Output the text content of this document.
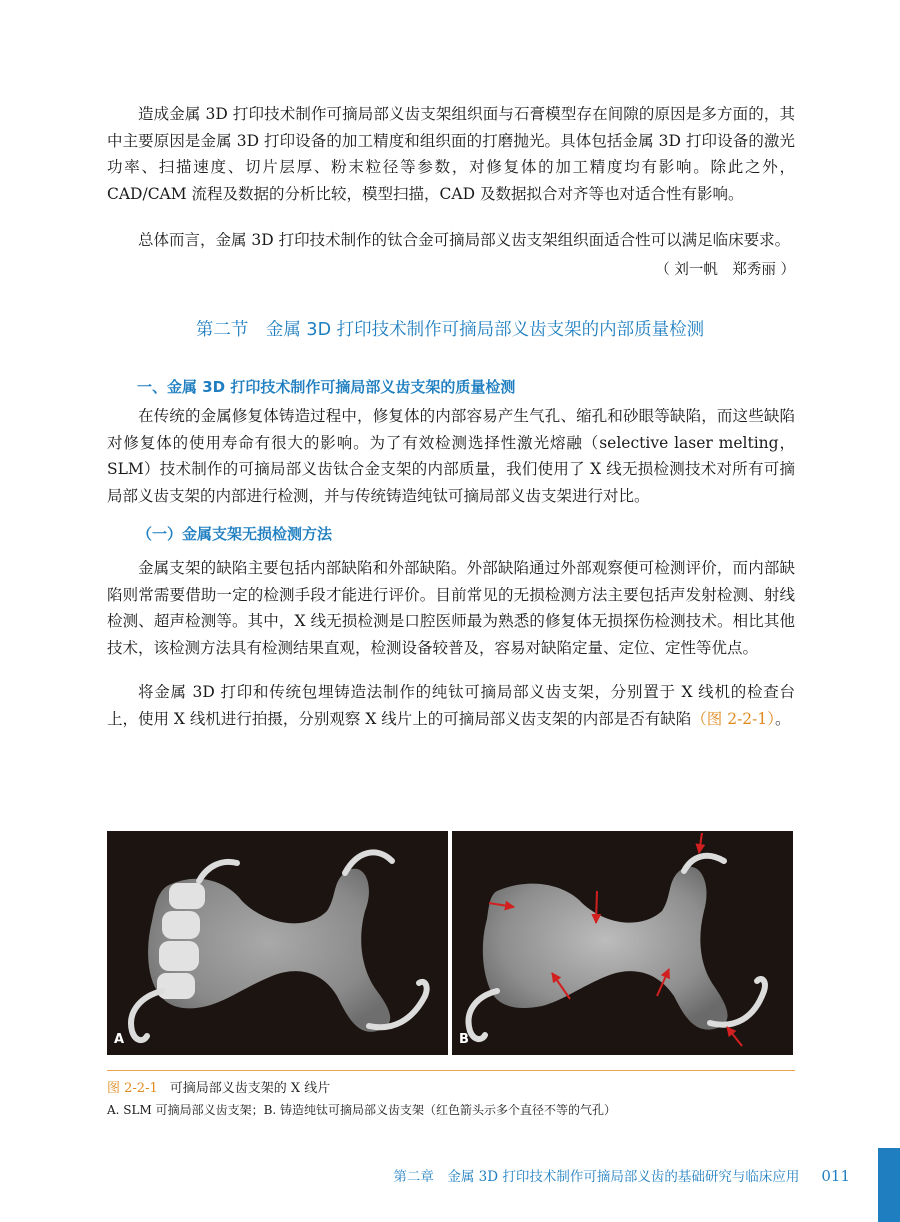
造成金属 3D 打印技术制作可摘局部义齿支架组织面与石膏模型存在间隙的原因是多方面的，其中主要原因是金属 3D 打印设备的加工精度和组织面的打磨抛光。具体包括金属 3D 打印设备的激光功率、扫描速度、切片层厚、粉末粒径等参数，对修复体的加工精度均有影响。除此之外，CAD/CAM 流程及数据的分析比较，模型扫描，CAD 及数据拟合对齐等也对适合性有影响。

总体而言，金属 3D 打印技术制作的钛合金可摘局部义齿支架组织面适合性可以满足临床要求。

（ 刘一帆　郑秀丽 ）

第二节　金属 3D 打印技术制作可摘局部义齿支架的内部质量检测
一、金属 3D 打印技术制作可摘局部义齿支架的质量检测

在传统的金属修复体铸造过程中，修复体的内部容易产生气孔、缩孔和砂眼等缺陷，而这些缺陷对修复体的使用寿命有很大的影响。为了有效检测选择性激光熔融（selective laser melting，SLM）技术制作的可摘局部义齿钛合金支架的内部质量，我们使用了 X 线无损检测技术对所有可摘局部义齿支架的内部进行检测，并与传统铸造纯钛可摘局部义齿支架进行对比。

（一）金属支架无损检测方法

金属支架的缺陷主要包括内部缺陷和外部缺陷。外部缺陷通过外部观察便可检测评价，而内部缺陷则常需要借助一定的检测手段才能进行评价。目前常见的无损检测方法主要包括声发射检测、射线检测、超声检测等。其中，X 线无损检测是口腔医师最为熟悉的修复体无损探伤检测技术。相比其他技术，该检测方法具有检测结果直观，检测设备较普及，容易对缺陷定量、定位、定性等优点。

将金属 3D 打印和传统包埋铸造法制作的纯钛可摘局部义齿支架，分别置于 X 线机的检查台上，使用 X 线机进行拍摄，分别观察 X 线片上的可摘局部义齿支架的内部是否有缺陷（图 2-2-1）。

A	B

图 2-2-1 可摘局部义齿支架的 X 线片

A. SLM 可摘局部义齿支架；B. 铸造纯钛可摘局部义齿支架（红色箭头示多个直径不等的气孔）

第二章　金属 3D 打印技术制作可摘局部义齿的基础研究与临床应用 011
